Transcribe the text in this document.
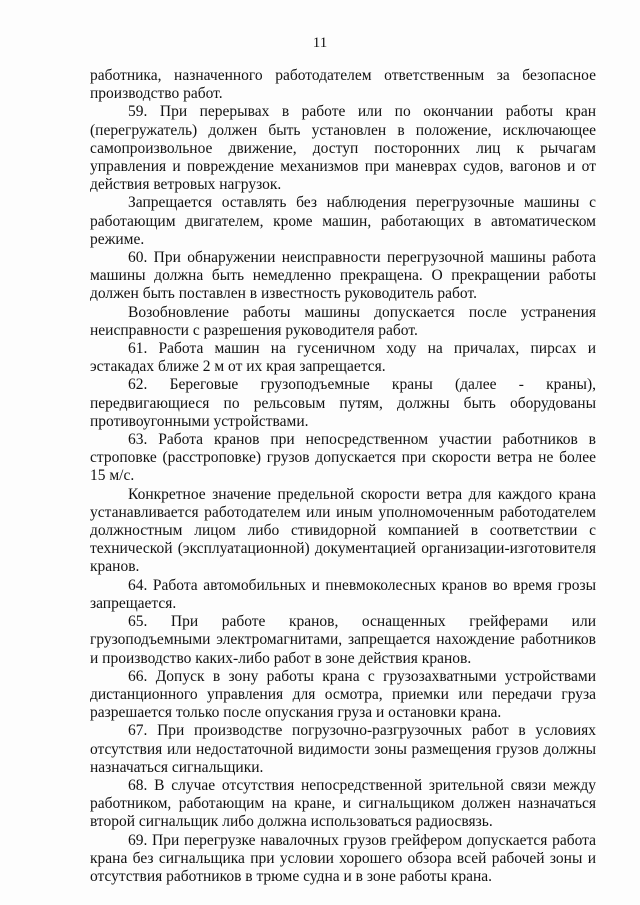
11

работника, назначенного работодателем ответственным за безопасное производство работ.

59. При перерывах в работе или по окончании работы кран (перегружатель) должен быть установлен в положение, исключающее самопроизвольное движение, доступ посторонних лиц к рычагам управления и повреждение механизмов при маневрах судов, вагонов и от действия ветровых нагрузок.

Запрещается оставлять без наблюдения перегрузочные машины с работающим двигателем, кроме машин, работающих в автоматическом режиме.

60. При обнаружении неисправности перегрузочной машины работа машины должна быть немедленно прекращена. О прекращении работы должен быть поставлен в известность руководитель работ.

Возобновление работы машины допускается после устранения неисправности с разрешения руководителя работ.

61. Работа машин на гусеничном ходу на причалах, пирсах и эстакадах ближе 2 м от их края запрещается.

62. Береговые грузоподъемные краны (далее - краны), передвигающиеся по рельсовым путям, должны быть оборудованы противоугонными устройствами.

63. Работа кранов при непосредственном участии работников в строповке (расстроповке) грузов допускается при скорости ветра не более 15 м/с.

Конкретное значение предельной скорости ветра для каждого крана устанавливается работодателем или иным уполномоченным работодателем должностным лицом либо стивидорной компанией в соответствии с технической (эксплуатационной) документацией организации-изготовителя кранов.

64. Работа автомобильных и пневмоколесных кранов во время грозы запрещается.

65. При работе кранов, оснащенных грейферами или грузоподъемными электромагнитами, запрещается нахождение работников и производство каких-либо работ в зоне действия кранов.

66. Допуск в зону работы крана с грузозахватными устройствами дистанционного управления для осмотра, приемки или передачи груза разрешается только после опускания груза и остановки крана.

67. При производстве погрузочно-разгрузочных работ в условиях отсутствия или недостаточной видимости зоны размещения грузов должны назначаться сигнальщики.

68. В случае отсутствия непосредственной зрительной связи между работником, работающим на кране, и сигнальщиком должен назначаться второй сигнальщик либо должна использоваться радиосвязь.

69. При перегрузке навалочных грузов грейфером допускается работа крана без сигнальщика при условии хорошего обзора всей рабочей зоны и отсутствия работников в трюме судна и в зоне работы крана.
